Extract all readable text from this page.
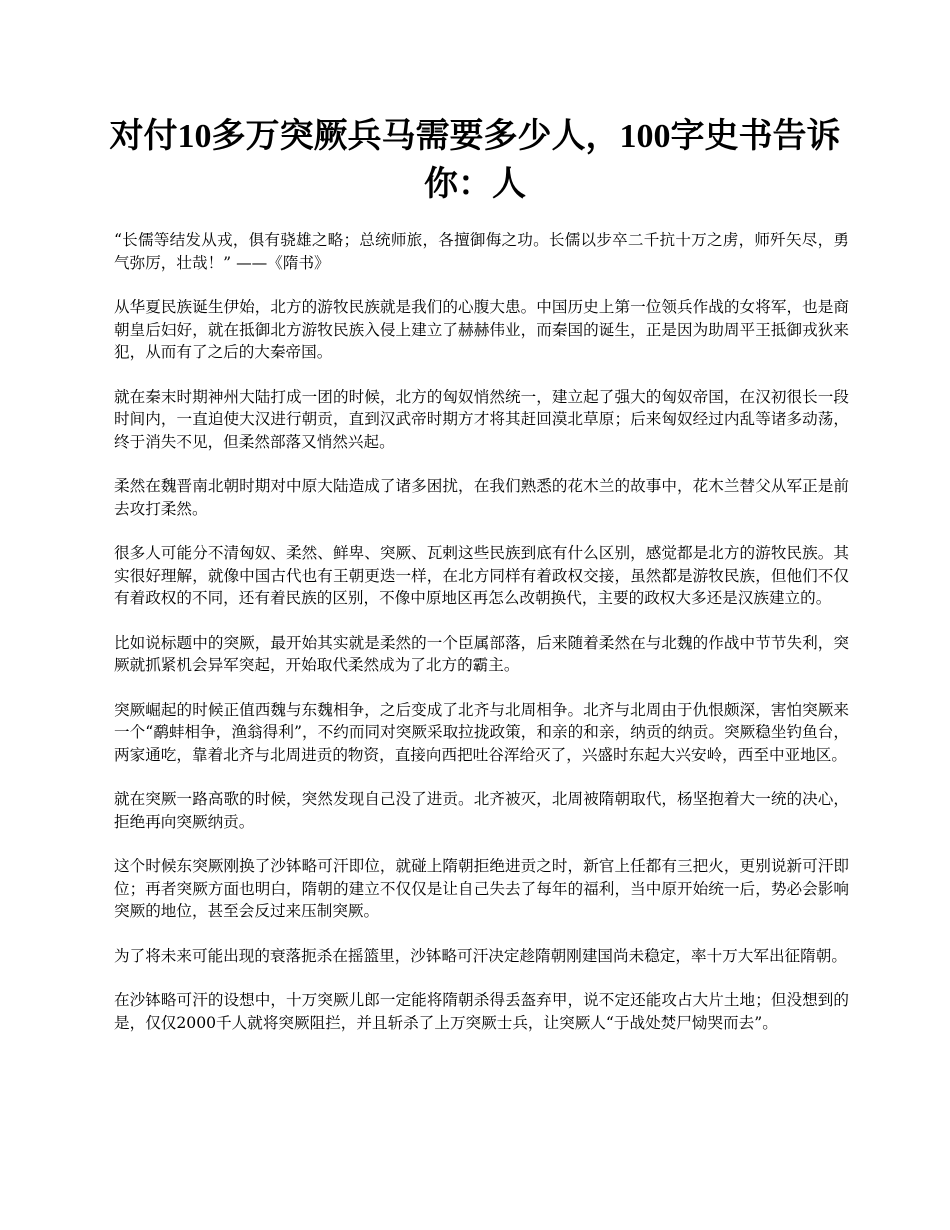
对付10多万突厥兵马需要多少人，100字史书告诉你：人

“长儒等结发从戎，俱有骁雄之略；总统师旅，各擅御侮之功。长儒以步卒二千抗十万之虏，师歼矢尽，勇气弥厉，壮哉！” ——《隋书》

从华夏民族诞生伊始，北方的游牧民族就是我们的心腹大患。中国历史上第一位领兵作战的女将军，也是商朝皇后妇好，就在抵御北方游牧民族入侵上建立了赫赫伟业，而秦国的诞生，正是因为助周平王抵御戎狄来犯，从而有了之后的大秦帝国。

就在秦末时期神州大陆打成一团的时候，北方的匈奴悄然统一，建立起了强大的匈奴帝国，在汉初很长一段时间内，一直迫使大汉进行朝贡，直到汉武帝时期方才将其赶回漠北草原；后来匈奴经过内乱等诸多动荡，终于消失不见，但柔然部落又悄然兴起。

柔然在魏晋南北朝时期对中原大陆造成了诸多困扰，在我们熟悉的花木兰的故事中，花木兰替父从军正是前去攻打柔然。

很多人可能分不清匈奴、柔然、鲜卑、突厥、瓦剌这些民族到底有什么区别，感觉都是北方的游牧民族。其实很好理解，就像中国古代也有王朝更迭一样，在北方同样有着政权交接，虽然都是游牧民族，但他们不仅有着政权的不同，还有着民族的区别，不像中原地区再怎么改朝换代，主要的政权大多还是汉族建立的。

比如说标题中的突厥，最开始其实就是柔然的一个臣属部落，后来随着柔然在与北魏的作战中节节失利，突厥就抓紧机会异军突起，开始取代柔然成为了北方的霸主。

突厥崛起的时候正值西魏与东魏相争，之后变成了北齐与北周相争。北齐与北周由于仇恨颇深，害怕突厥来一个“鹬蚌相争，渔翁得利”，不约而同对突厥采取拉拢政策，和亲的和亲，纳贡的纳贡。突厥稳坐钓鱼台，两家通吃，靠着北齐与北周进贡的物资，直接向西把吐谷浑给灭了，兴盛时东起大兴安岭，西至中亚地区。

就在突厥一路高歌的时候，突然发现自己没了进贡。北齐被灭，北周被隋朝取代，杨坚抱着大一统的决心，拒绝再向突厥纳贡。

这个时候东突厥刚换了沙钵略可汗即位，就碰上隋朝拒绝进贡之时，新官上任都有三把火，更别说新可汗即位；再者突厥方面也明白，隋朝的建立不仅仅是让自己失去了每年的福利，当中原开始统一后，势必会影响突厥的地位，甚至会反过来压制突厥。

为了将未来可能出现的衰落扼杀在摇篮里，沙钵略可汗决定趁隋朝刚建国尚未稳定，率十万大军出征隋朝。

在沙钵略可汗的设想中，十万突厥儿郎一定能将隋朝杀得丢盔弃甲，说不定还能攻占大片土地；但没想到的是，仅仅2000千人就将突厥阻拦，并且斩杀了上万突厥士兵，让突厥人“于战处焚尸恸哭而去”。
